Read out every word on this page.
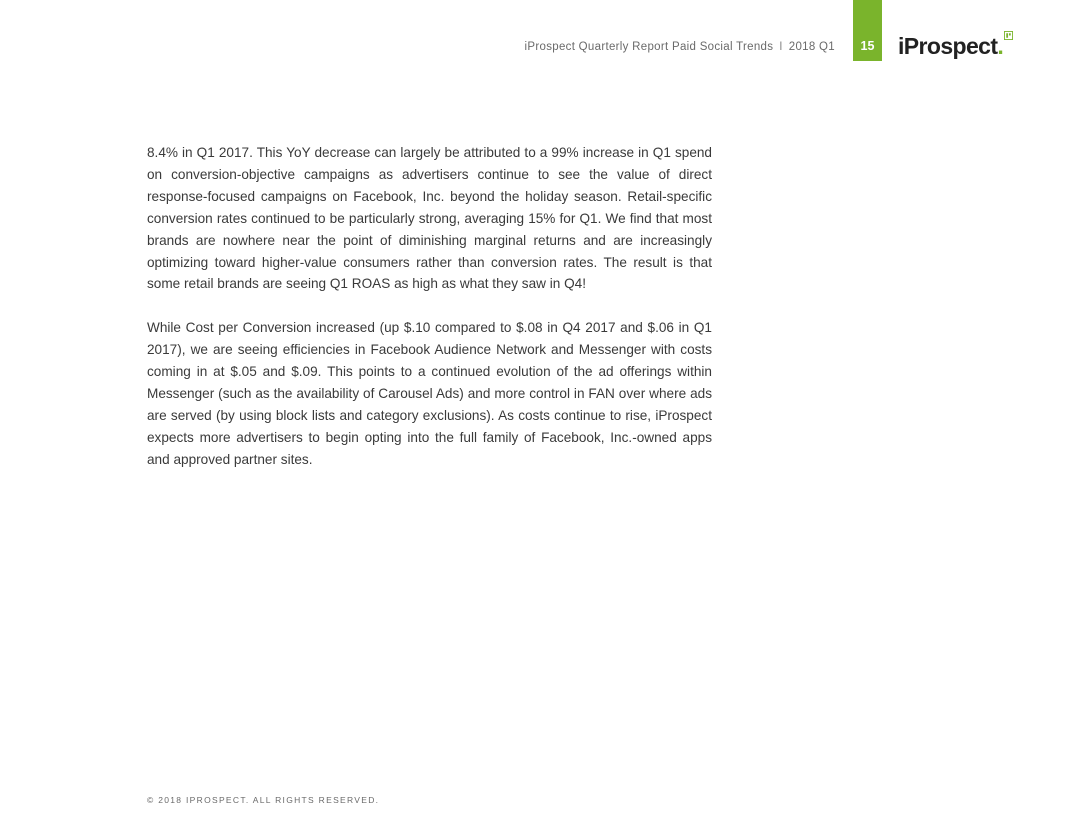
iProspect Quarterly Report Paid Social Trends I 2018 Q1 15 iProspect.

8.4% in Q1 2017. This YoY decrease can largely be attributed to a 99% increase in Q1 spend on conversion-objective campaigns as advertisers continue to see the value of direct response-focused campaigns on Facebook, Inc. beyond the holiday season. Retail-specific conversion rates continued to be particularly strong, averaging 15% for Q1. We find that most brands are nowhere near the point of diminishing marginal returns and are increasingly optimizing toward higher-value consumers rather than conversion rates. The result is that some retail brands are seeing Q1 ROAS as high as what they saw in Q4!

While Cost per Conversion increased (up $.10 compared to $.08 in Q4 2017 and $.06 in Q1 2017), we are seeing efficiencies in Facebook Audience Network and Messenger with costs coming in at $.05 and $.09. This points to a continued evolution of the ad offerings within Messenger (such as the availability of Carousel Ads) and more control in FAN over where ads are served (by using block lists and category exclusions). As costs continue to rise, iProspect expects more advertisers to begin opting into the full family of Facebook, Inc.-owned apps and approved partner sites.

© 2018 IPROSPECT. ALL RIGHTS RESERVED.
